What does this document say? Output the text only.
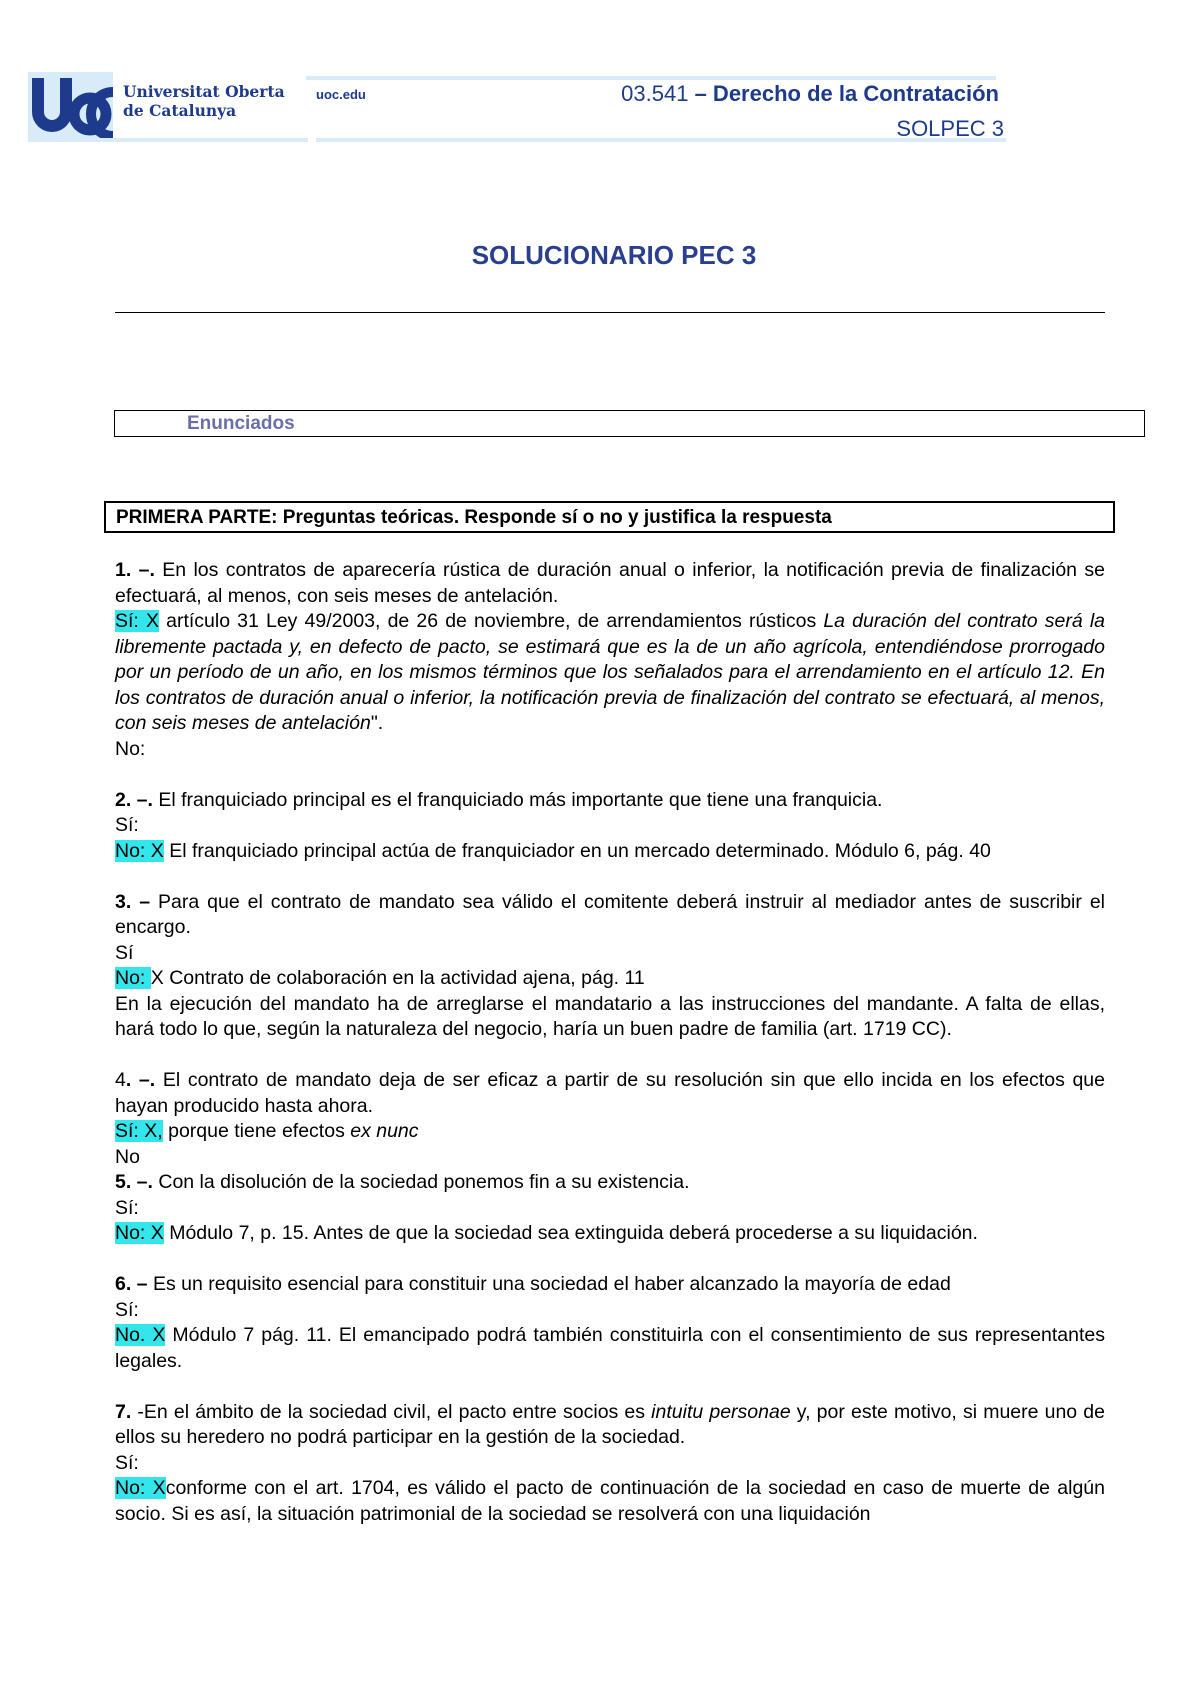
Universitat Oberta
de Catalunya
uoc.edu	03.541 – Derecho de la Contratación
SOLPEC 3
SOLUCIONARIO PEC 3
Enunciados
PRIMERA PARTE: Preguntas teóricas. Responde sí o no y justifica la respuesta

1. –. En los contratos de aparecería rústica de duración anual o inferior, la notificación previa de finalización se efectuará, al menos, con seis meses de antelación.

Sí: X artículo 31 Ley 49/2003, de 26 de noviembre, de arrendamientos rústicos La duración del contrato será la libremente pactada y, en defecto de pacto, se estimará que es la de un año agrícola, entendiéndose prorrogado por un período de un año, en los mismos términos que los señalados para el arrendamiento en el artículo 12. En los contratos de duración anual o inferior, la notificación previa de finalización del contrato se efectuará, al menos, con seis meses de antelación".

No:

2. –. El franquiciado principal es el franquiciado más importante que tiene una franquicia.

Sí:

No: X El franquiciado principal actúa de franquiciador en un mercado determinado. Módulo 6, pág. 40

3. – Para que el contrato de mandato sea válido el comitente deberá instruir al mediador antes de suscribir el encargo.

Sí

No: X Contrato de colaboración en la actividad ajena, pág. 11

En la ejecución del mandato ha de arreglarse el mandatario a las instrucciones del mandante. A falta de ellas, hará todo lo que, según la naturaleza del negocio, haría un buen padre de familia (art. 1719 CC).

4. –. El contrato de mandato deja de ser eficaz a partir de su resolución sin que ello incida en los efectos que hayan producido hasta ahora.

Sí: X, porque tiene efectos ex nunc

No

5. –. Con la disolución de la sociedad ponemos fin a su existencia.

Sí:

No: X Módulo 7, p. 15. Antes de que la sociedad sea extinguida deberá procederse a su liquidación.

6. – Es un requisito esencial para constituir una sociedad el haber alcanzado la mayoría de edad

Sí:

No. X Módulo 7 pág. 11. El emancipado podrá también constituirla con el consentimiento de sus representantes legales.

7. -En el ámbito de la sociedad civil, el pacto entre socios es intuitu personae y, por este motivo, si muere uno de ellos su heredero no podrá participar en la gestión de la sociedad.

Sí:

No: Xconforme con el art. 1704, es válido el pacto de continuación de la sociedad en caso de muerte de algún socio. Si es así, la situación patrimonial de la sociedad se resolverá con una liquidación
